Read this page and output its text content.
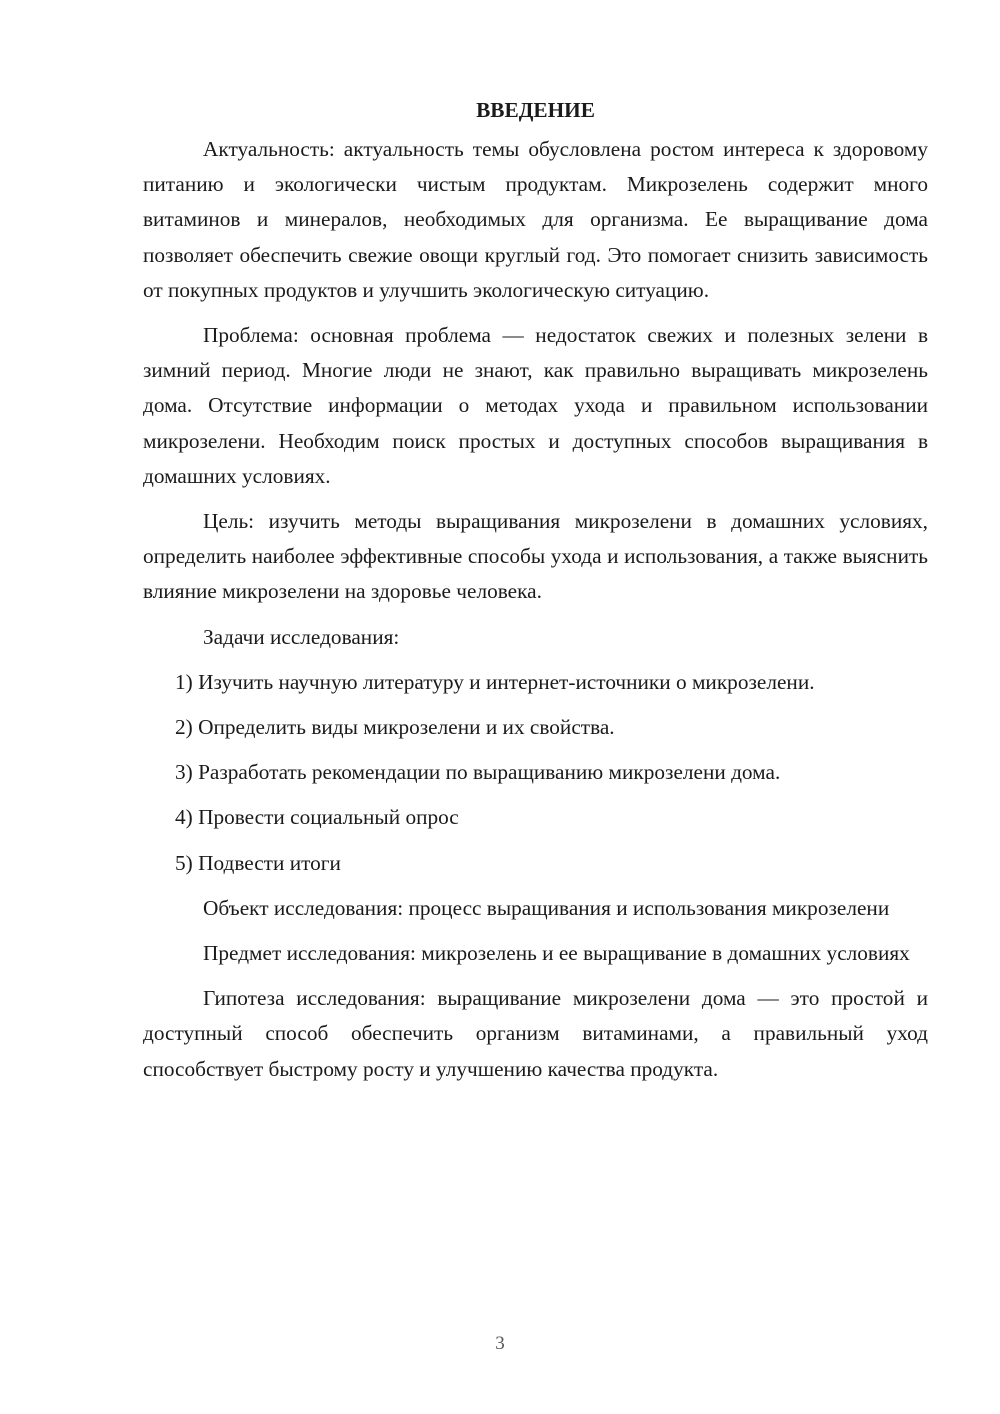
ВВЕДЕНИЕ

Актуальность: актуальность темы обусловлена ростом интереса к здоровому питанию и экологически чистым продуктам. Микрозелень содержит много витаминов и минералов, необходимых для организма. Ее выращивание дома позволяет обеспечить свежие овощи круглый год. Это помогает снизить зависимость от покупных продуктов и улучшить экологическую ситуацию.

Проблема: основная проблема — недостаток свежих и полезных зелени в зимний период. Многие люди не знают, как правильно выращивать микрозелень дома. Отсутствие информации о методах ухода и правильном использовании микрозелени. Необходим поиск простых и доступных способов выращивания в домашних условиях.

Цель: изучить методы выращивания микрозелени в домашних условиях, определить наиболее эффективные способы ухода и использования, а также выяснить влияние микрозелени на здоровье человека.

Задачи исследования:

1) Изучить научную литературу и интернет-источники о микрозелени.

2) Определить виды микрозелени и их свойства.

3) Разработать рекомендации по выращиванию микрозелени дома.

4) Провести социальный опрос

5) Подвести итоги

Объект исследования: процесс выращивания и использования микрозелени

Предмет исследования: микрозелень и ее выращивание в домашних условиях

Гипотеза исследования: выращивание микрозелени дома — это простой и доступный способ обеспечить организм витаминами, а правильный уход способствует быстрому росту и улучшению качества продукта.

3
